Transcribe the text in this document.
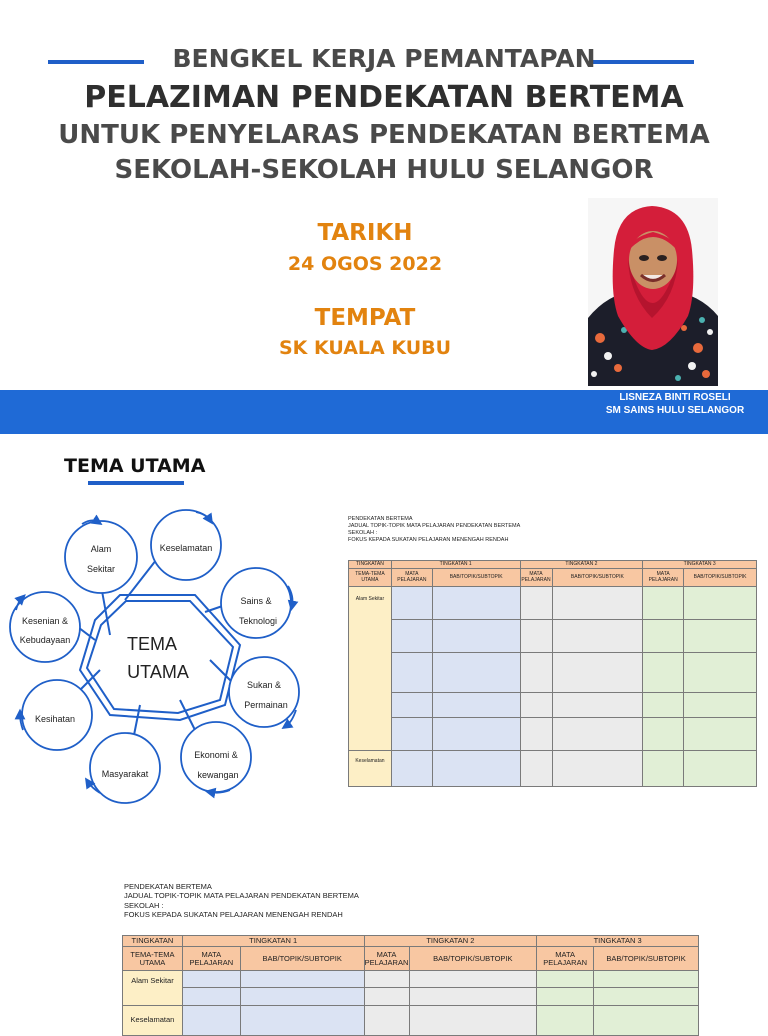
BENGKEL KERJA PEMANTAPAN
PELAZIMAN PENDEKATAN BERTEMA
UNTUK PENYELARAS PENDEKATAN BERTEMA
SEKOLAH-SEKOLAH HULU SELANGOR
TARIKH
24 OGOS 2022
TEMPAT
SK KUALA KUBU
LISNEZA BINTI ROSELI
SM SAINS HULU SELANGOR
TEMA UTAMA
TEMA
UTAMA
Alam
Sekitar
Keselamatan
Sains &
Teknologi
Sukan &
Permainan
Ekonomi &
kewangan
Masyarakat
Kesihatan
Kesenian &
Kebudayaan
PENDEKATAN BERTEMA
JADUAL TOPIK-TOPIK MATA PELAJARAN PENDEKATAN BERTEMA
SEKOLAH :
FOKUS KEPADA SUKATAN PELAJARAN MENENGAH RENDAH
TINGKATAN	TINGKATAN 1		TINGKATAN 2		TINGKATAN 3	
TEMA-TEMA UTAMA	MATA PELAJARAN	BAB/TOPIK/SUBTOPIK	MATA PELAJARAN	BAB/TOPIK/SUBTOPIK	MATA PELAJARAN	BAB/TOPIK/SUBTOPIK
Alam Sekitar						

Keselamatan						
PENDEKATAN BERTEMA
JADUAL TOPIK-TOPIK MATA PELAJARAN PENDEKATAN BERTEMA
SEKOLAH :
FOKUS KEPADA SUKATAN PELAJARAN MENENGAH RENDAH
TINGKATAN	TINGKATAN 1		TINGKATAN 2		TINGKATAN 3	
TEMA-TEMA UTAMA	MATA PELAJARAN	BAB/TOPIK/SUBTOPIK	MATA PELAJARAN	BAB/TOPIK/SUBTOPIK	MATA PELAJARAN	BAB/TOPIK/SUBTOPIK
Alam Sekitar						

Keselamatan						
